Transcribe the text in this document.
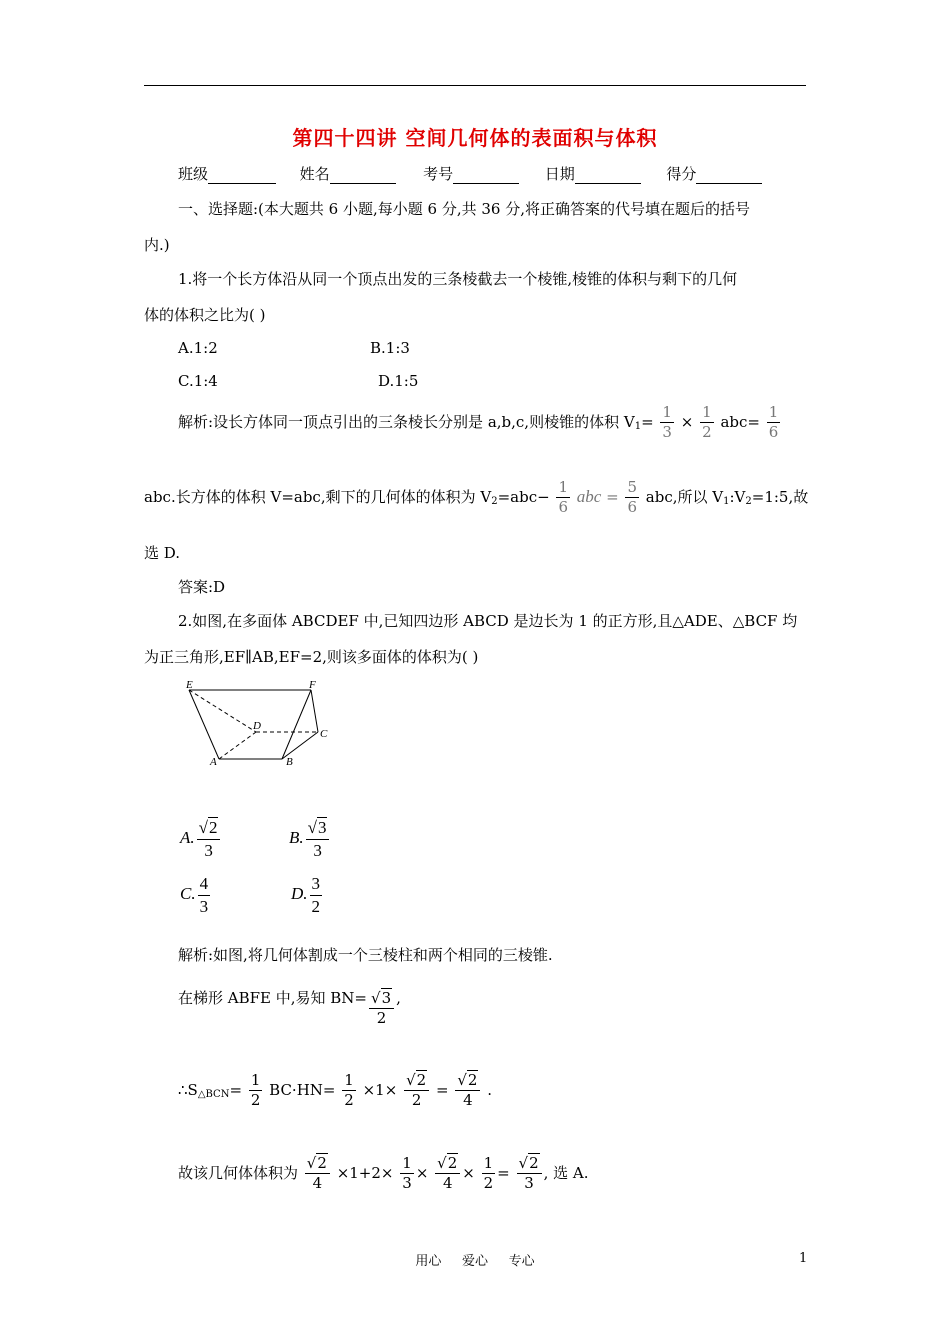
第四十四讲 空间几何体的表面积与体积
班级	姓名	考号	日期	得分
一、选择题:(本大题共 6 小题,每小题 6 分,共 36 分,将正确答案的代号填在题后的括号
内.)
1.将一个长方体沿从同一个顶点出发的三条棱截去一个棱锥,棱锥的体积与剩下的几何
体的体积之比为( )
A.1:2	B.1:3
C.1:4	D.1:5
解析:设长方体同一顶点引出的三条棱长分别是 a,b,c,则棱锥的体积 $V_1= \frac{1}{3} \times \frac{1}{2} abc= \frac{1}{6}$
abc.长方体的体积 V=abc,剩下的几何体的体积为 $V_2=abc- \frac{1}{6}$ abc = $\frac{5}{6}$ abc,所以 $V_1:V_2=1:5$,故
选 D.
答案:D
2.如图,在多面体 ABCDEF 中,已知四边形 ABCD 是边长为 1 的正方形,且△ADE、△BCF 均
为正三角形,EF∥AB,EF=2,则该多面体的体积为( )
E	F
D
C
A	B
A. $\frac{√2}{3}$	B. $\frac{√3}{3}$
C. $\frac{4}{3}$	D. $\frac{3}{2}$
解析:如图,将几何体割成一个三棱柱和两个相同的三棱锥.
在梯形 ABFE 中,易知 $BN= \frac{√3}{2}$ ,
$\therefore S_{\triangle BCN}= \frac{1}{2} BC\cdot HN= \frac{1}{2} \times 1\times \frac{√2}{2} = \frac{√2}{4}$ .
故该几何体体积为 $\frac{√2}{4} \times 1+2\times \frac{1}{3} \times \frac{√2}{4} \times \frac{1}{2} = \frac{√2}{3}$ , 选 A.
用心     爱心     专心	1
